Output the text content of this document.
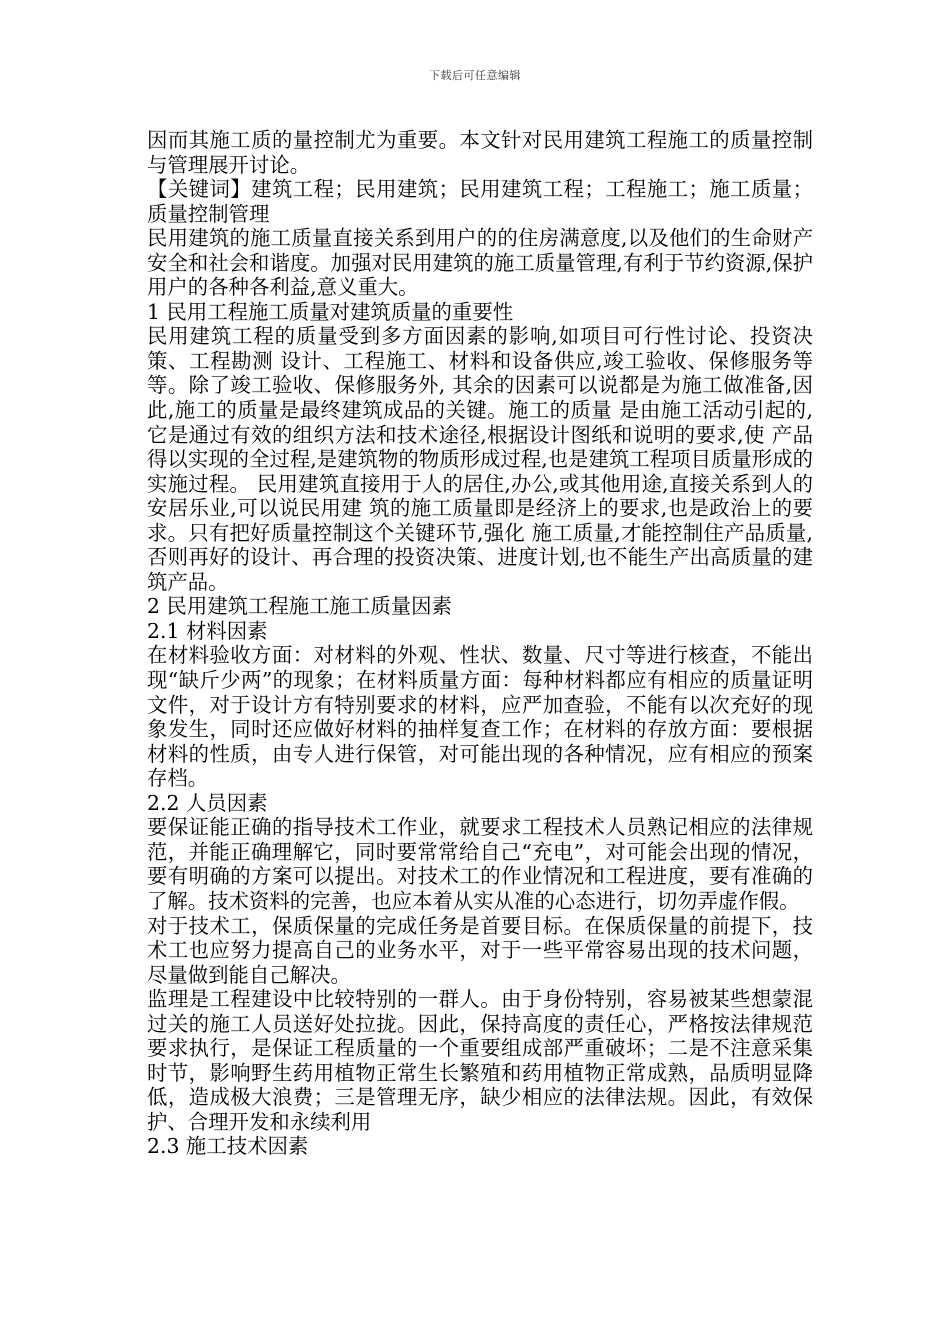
下载后可任意编辑

因而其施工质的量控制尤为重要。本文针对民用建筑工程施工的质量控制与管理展开讨论。

【关键词】建筑工程；民用建筑；民用建筑工程；工程施工；施工质量；质量控制管理

民用建筑的施工质量直接关系到用户的的住房满意度,以及他们的生命财产安全和社会和谐度。加强对民用建筑的施工质量管理,有利于节约资源,保护用户的各种各利益,意义重大。

1 民用工程施工质量对建筑质量的重要性

民用建筑工程的质量受到多方面因素的影响,如项目可行性讨论、投资决策、工程勘测 设计、工程施工、材料和设备供应,竣工验收、保修服务等等。除了竣工验收、保修服务外, 其余的因素可以说都是为施工做准备,因此,施工的质量是最终建筑成品的关键。施工的质量 是由施工活动引起的,它是通过有效的组织方法和技术途径,根据设计图纸和说明的要求,使 产品得以实现的全过程,是建筑物的物质形成过程,也是建筑工程项目质量形成的实施过程。 民用建筑直接用于人的居住,办公,或其他用途,直接关系到人的安居乐业,可以说民用建 筑的施工质量即是经济上的要求,也是政治上的要求。只有把好质量控制这个关键环节,强化 施工质量,才能控制住产品质量,否则再好的设计、再合理的投资决策、进度计划,也不能生产出高质量的建筑产品。

2 民用建筑工程施工施工质量因素

2.1 材料因素

在材料验收方面：对材料的外观、性状、数量、尺寸等进行核查，不能出现“缺斤少两”的现象；在材料质量方面：每种材料都应有相应的质量证明文件，对于设计方有特别要求的材料，应严加查验，不能有以次充好的现象发生，同时还应做好材料的抽样复查工作；在材料的存放方面：要根据材料的性质，由专人进行保管，对可能出现的各种情况，应有相应的预案存档。

2.2 人员因素

要保证能正确的指导技术工作业，就要求工程技术人员熟记相应的法律规范，并能正确理解它，同时要常常给自己“充电”，对可能会出现的情况，要有明确的方案可以提出。对技术工的作业情况和工程进度，要有准确的了解。技术资料的完善，也应本着从实从准的心态进行，切勿弄虚作假。

对于技术工，保质保量的完成任务是首要目标。在保质保量的前提下，技术工也应努力提高自己的业务水平，对于一些平常容易出现的技术问题，尽量做到能自己解决。

监理是工程建设中比较特别的一群人。由于身份特别，容易被某些想蒙混过关的施工人员送好处拉拢。因此，保持高度的责任心，严格按法律规范要求执行，是保证工程质量的一个重要组成部严重破坏；二是不注意采集时节，影响野生药用植物正常生长繁殖和药用植物正常成熟，品质明显降低，造成极大浪费；三是管理无序，缺少相应的法律法规。因此，有效保护、合理开发和永续利用

2.3 施工技术因素
